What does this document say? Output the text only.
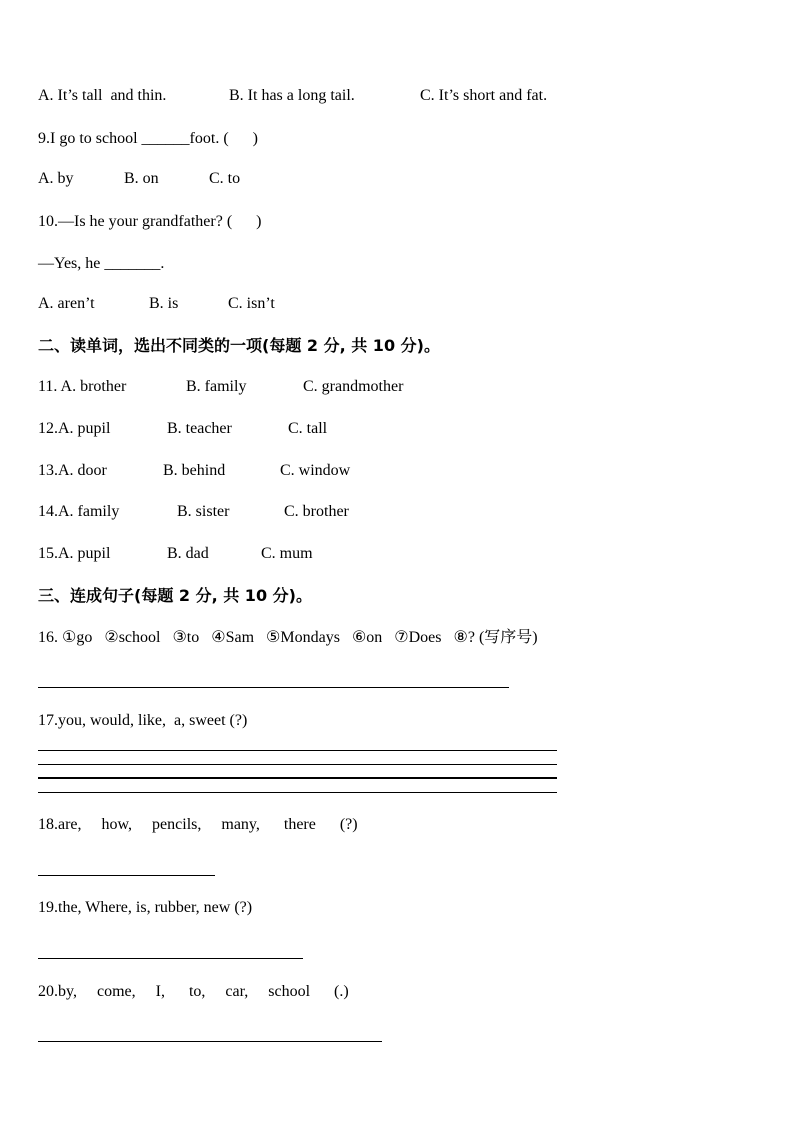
A. It’s tall  and thin.	B. It has a long tail.	C. It’s short and fat.
9.I go to school ______foot. (      )
A. by	B. on	C. to
10.—Is he your grandfather? (      )
—Yes, he _______.
A. aren’t	B. is	C. isn’t
二、读单词，选出不同类的一项(每题 2 分, 共 10 分)。
11. A. brother	B. family	C. grandmother
12.A. pupil	B. teacher	C. tall
13.A. door	B. behind	C. window
14.A. family	B. sister	C. brother
15.A. pupil	B. dad	C. mum
三、连成句子(每题 2 分, 共 10 分)。
16. ①go   ②school   ③to   ④Sam   ⑤Mondays   ⑥on   ⑦Does   ⑧? (写序号)
17.you, would, like,  a, sweet (?)
18.are,     how,     pencils,     many,      there      (?)
19.the, Where, is, rubber, new (?)
20.by,     come,     I,      to,     car,     school      (.)
